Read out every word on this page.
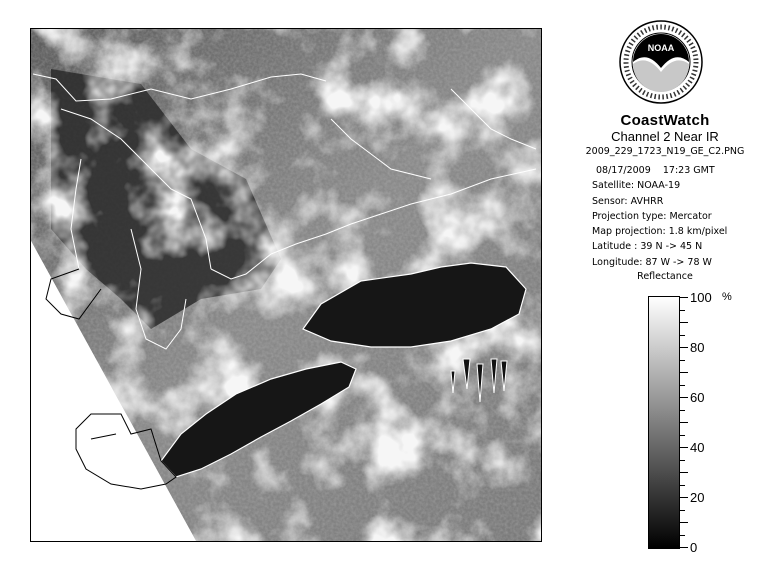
NOAA
CoastWatch
Channel 2 Near IR
2009_229_1723_N19_GE_C2.PNG
08/17/2009 17:23 GMT
Satellite: NOAA-19
Sensor: AVHRR
Projection type: Mercator
Map projection: 1.8 km/pixel
Latitude : 39 N -> 45 N
Longitude: 87 W -> 78 W
Reflectance
%
100
80
60
40
20
0
